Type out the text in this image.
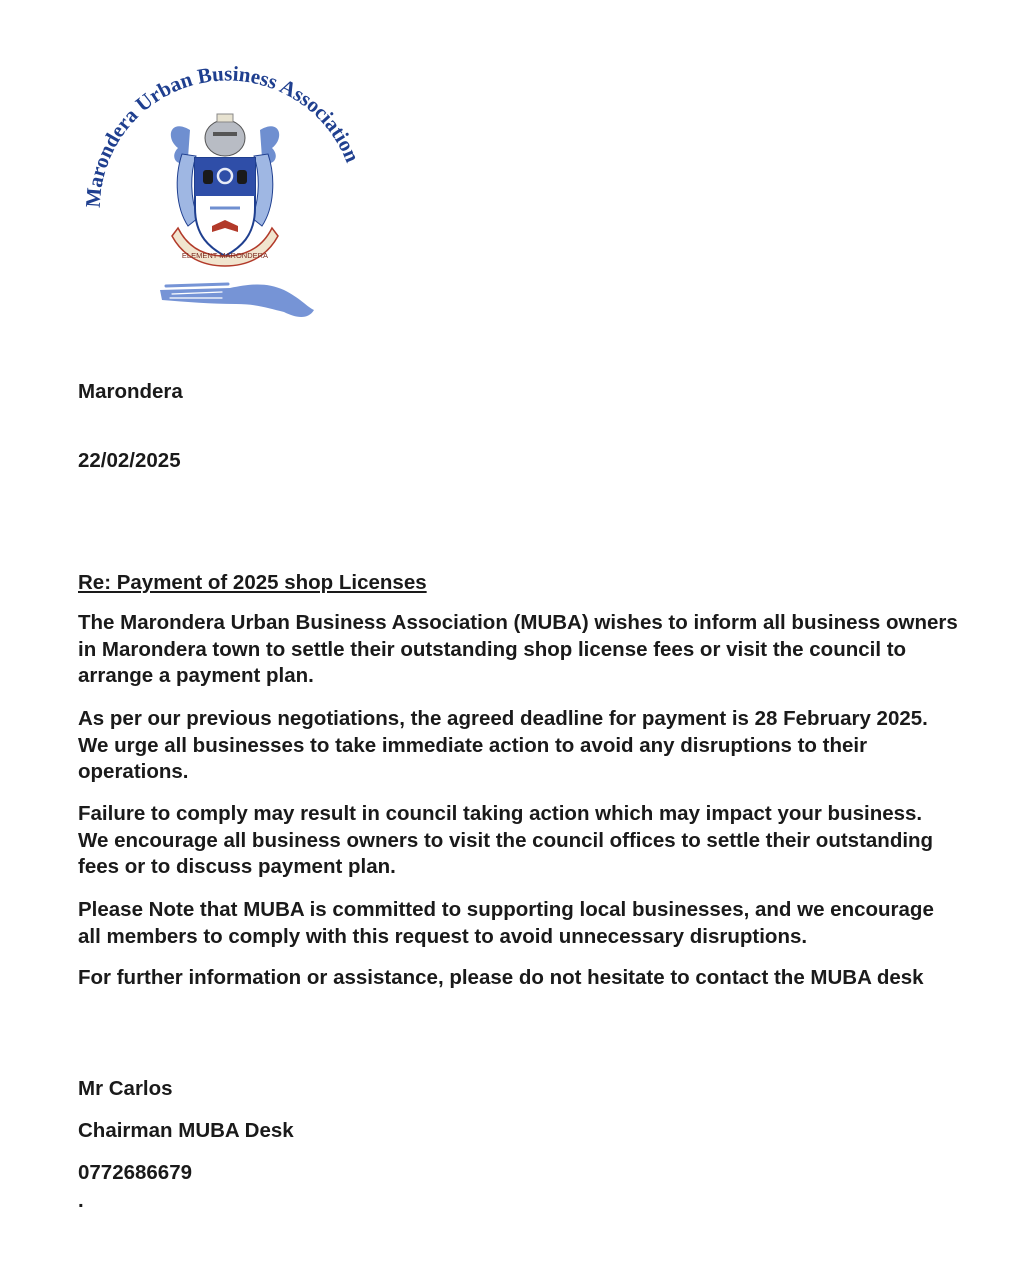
Marondera Urban Business Association
ELEMENT MARONDERA
Marondera
22/02/2025
Re: Payment of 2025 shop Licenses

The Marondera Urban Business Association (MUBA) wishes to inform all business owners in Marondera town to settle their outstanding shop license fees or visit the council to arrange a payment plan.

As per our previous negotiations, the agreed deadline for payment is 28 February 2025. We urge all businesses to take immediate action to avoid any disruptions to their operations.

Failure to comply may result in council taking action which may impact your business. We encourage all business owners to visit the council offices to settle their outstanding fees or to discuss payment plan.

Please Note that MUBA is committed to supporting local businesses, and we encourage all members to comply with this request to avoid unnecessary disruptions.

For further information or assistance, please do not hesitate to contact the MUBA desk

Mr Carlos
Chairman MUBA Desk
0772686679
.
